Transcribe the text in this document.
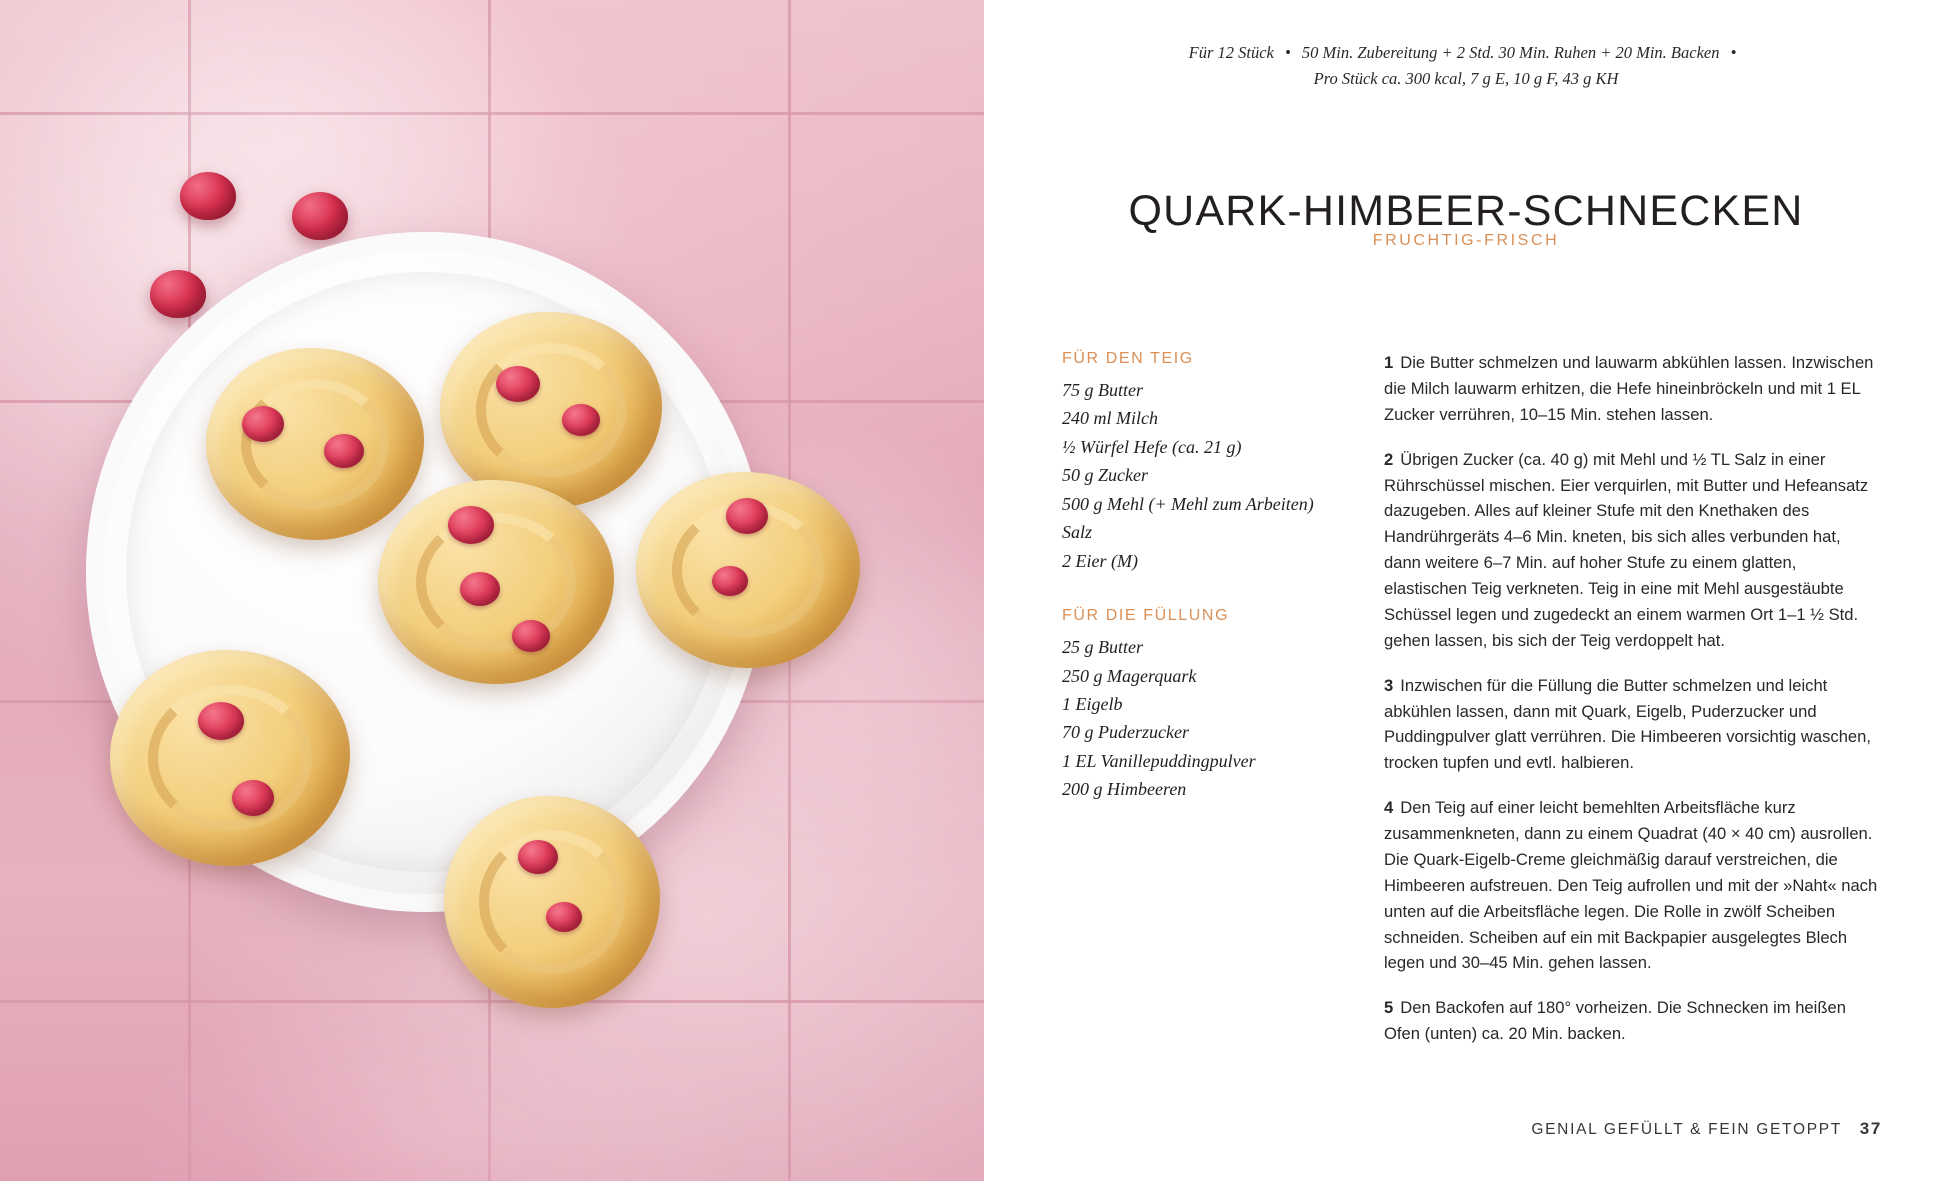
Für 12 Stück • 50 Min. Zubereitung + 2 Std. 30 Min. Ruhen + 20 Min. Backen •
Pro Stück ca. 300 kcal, 7 g E, 10 g F, 43 g KH
QUARK-HIMBEER-SCHNECKEN
FRUCHTIG-FRISCH
FÜR DEN TEIG
75 g Butter
240 ml Milch
½ Würfel Hefe (ca. 21 g)
50 g Zucker
500 g Mehl (+ Mehl zum Arbeiten)
Salz
2 Eier (M)
FÜR DIE FÜLLUNG
25 g Butter
250 g Magerquark
1 Eigelb
70 g Puderzucker
1 EL Vanillepuddingpulver
200 g Himbeeren

1 Die Butter schmelzen und lauwarm abkühlen lassen. Inzwischen die Milch lauwarm erhitzen, die Hefe hineinbröckeln und mit 1 EL Zucker verrühren, 10–15 Min. stehen lassen.

2 Übrigen Zucker (ca. 40 g) mit Mehl und ½ TL Salz in einer Rührschüssel mischen. Eier verquirlen, mit Butter und Hefeansatz dazugeben. Alles auf kleiner Stufe mit den Knethaken des Handrührgeräts 4–6 Min. kneten, bis sich alles verbunden hat, dann weitere 6–7 Min. auf hoher Stufe zu einem glatten, elastischen Teig verkneten. Teig in eine mit Mehl ausgestäubte Schüssel legen und zugedeckt an einem warmen Ort 1–1 ½ Std. gehen lassen, bis sich der Teig verdoppelt hat.

3 Inzwischen für die Füllung die Butter schmelzen und leicht abkühlen lassen, dann mit Quark, Eigelb, Puderzucker und Puddingpulver glatt verrühren. Die Himbeeren vorsichtig waschen, trocken tupfen und evtl. halbieren.

4 Den Teig auf einer leicht bemehlten Arbeitsfläche kurz zusammenkneten, dann zu einem Quadrat (40 × 40 cm) ausrollen. Die Quark-Eigelb-Creme gleichmäßig darauf verstreichen, die Himbeeren aufstreuen. Den Teig aufrollen und mit der »Naht« nach unten auf die Arbeitsfläche legen. Die Rolle in zwölf Scheiben schneiden. Scheiben auf ein mit Backpapier ausgelegtes Blech legen und 30–45 Min. gehen lassen.

5 Den Backofen auf 180° vorheizen. Die Schnecken im heißen Ofen (unten) ca. 20 Min. backen.

GENIAL GEFÜLLT & FEIN GETOPPT 37
